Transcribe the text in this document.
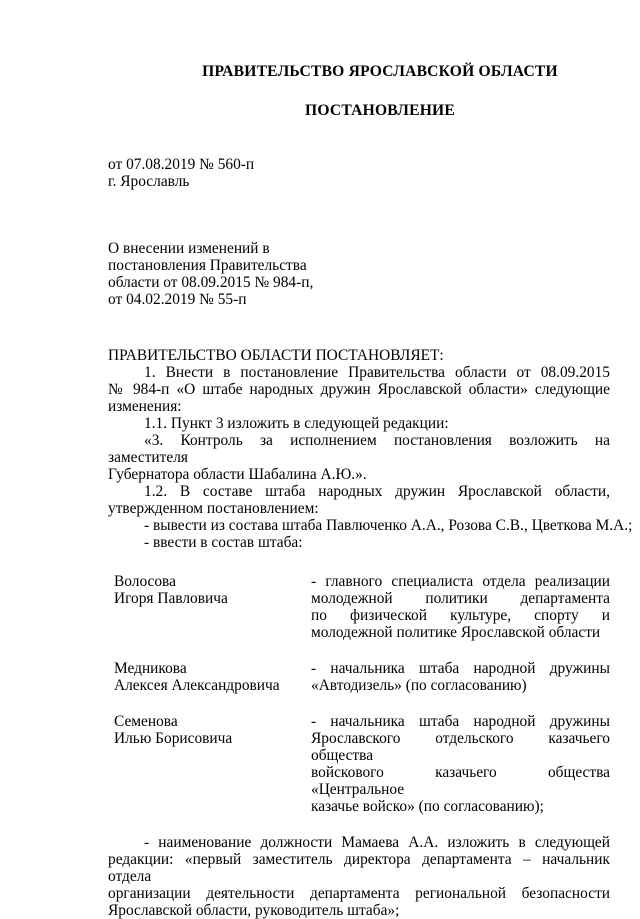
ПРАВИТЕЛЬСТВО ЯРОСЛАВСКОЙ ОБЛАСТИ
ПОСТАНОВЛЕНИЕ
от 07.08.2019 № 560-п
г. Ярославль
О внесении изменений в
постановления Правительства
области от 08.09.2015 № 984-п,
от 04.02.2019 № 55-п

ПРАВИТЕЛЬСТВО ОБЛАСТИ ПОСТАНОВЛЯЕТ:

1. Внести в постановление Правительства области от 08.09.2015

№ 984-п «О штабе народных дружин Ярославской области» следующие

изменения:

1.1. Пункт 3 изложить в следующей редакции:

«3. Контроль за исполнением постановления возложить на заместителя

Губернатора области Шабалина А.Ю.».

1.2. В составе штаба народных дружин Ярославской области,

утвержденном постановлением:

- вывести из состава штаба Павлюченко А.А., Розова С.В., Цветкова М.А.;

- ввести в состав штаба:

Волосова
Игоря Павловича
- главного специалиста отдела реализации
молодежной политики департамента
по физической культуре, спорту и
молодежной политике Ярославской области
Медникова
Алексея Александровича
- начальника штаба народной дружины
«Автодизель» (по согласованию)
Семенова
Илью Борисовича
- начальника штаба народной дружины
Ярославского отдельского казачьего общества
войскового казачьего общества «Центральное
казачье войско» (по согласованию);

- наименование должности Мамаева А.А. изложить в следующей

редакции: «первый заместитель директора департамента – начальник отдела

организации деятельности департамента региональной безопасности

Ярославской области, руководитель штаба»;
